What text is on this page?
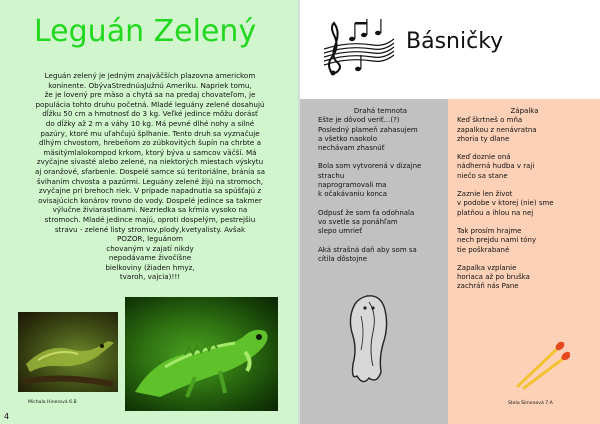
Leguán Zelený
Leguán zelený je jedným znajväčších plazovna americkom
koninente. ObývaStrednúaJužnú Ameriku. Napriek tomu,
že je lovený pre mäso a chytá sa na predaj chovateľom, je
populácia tohto druhu početná. Mladé leguány zelené dosahujú
dĺžku 50 cm a hmotnosť do 3 kg. Veľké jedince môžu dorásť
do dĺžky až 2 m a váhy 10 kg. Má pevné dlhé nohy a silné
pazúry, ktoré mu uľahčujú šplhanie. Tento druh sa vyznačuje
dlhým chvostom, hrebeňom zo zúbkovitých šupín na chrbte a
mäsitýmlalokompod krkom, ktorý býva u samcov väčší. Má
zvyčajne sivasté alebo zelené, na niektorých miestach výskytu
aj oranžové, sfarbenie. Dospelé samce sú teritoriálne, bránia sa
švihaním chvosta a pazúrmi. Leguány zelené žijú na stromoch,
zvyčajne pri brehoch riek. V prípade napadnutia sa spúšťajú z
ovisajúcich konárov rovno do vody. Dospelé jedince sa takmer
výlučne živiarastlinami. Nezriedka sa kŕmia vysoko na
stromoch. Mladé jedince majú, oproti dospelým, pestrejšiu
stravu - zelené listy stromov,plody,kvetyalisty. Avšak
POZOR, leguánom
chovaným v zajatí nikdy
nepodávame živočíšne
bielkoviny (žiaden hmyz,
tvaroh, vajcia)!!!
Michala Hinerová 6.B
4
Básničky
Drahá temnota
Ešte je dôvod veriť...(?)
Posledný plameň zahasujem
a všetko naokolo
nechávam zhasnúť
Bola som vytvorená v dizajne
strachu
naprogramovali ma
k očakávaniu konca
Odpusť že som ťa odohnala
vo svetle sa ponáhľam
slepo umrieť
Aká strašná daň aby som sa
cítila dôstojne
Zápalka
Keď škrtneš o mňa
zapalkou z nenávratna
zhoria ty dlane
Keď doznie oná
nádherná hudba v raji
niečo sa stane
Zaznie len život
v podobe v ktorej (nie) sme
platňou a ihlou na nej
Tak prosím hrajme
nech prejdu nami tóny
tie poškrabané
Zapalka vzplanie
horiaca až po bruška
zachráň nás Pane
Stela Šimonová 7.A
